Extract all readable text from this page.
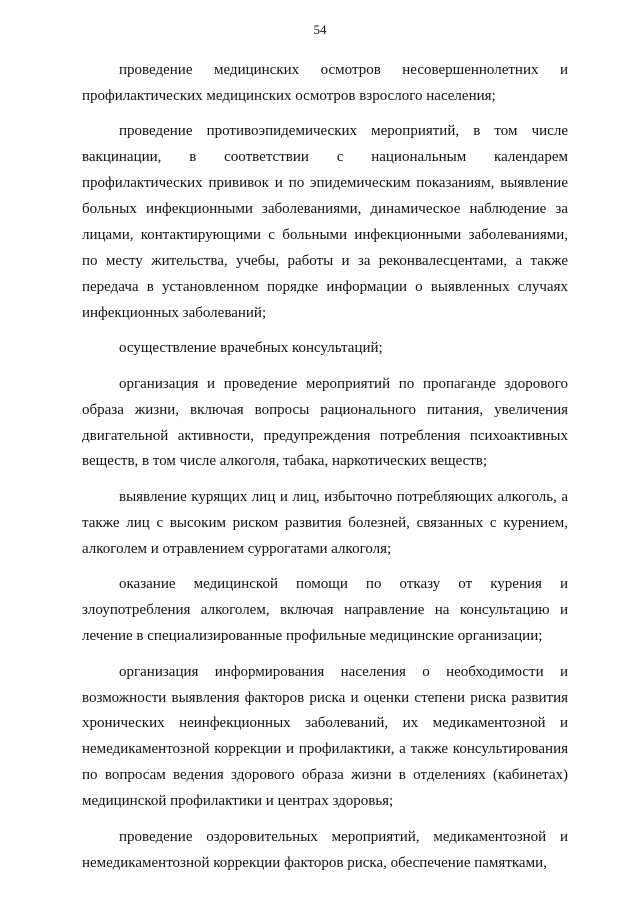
54

проведение медицинских осмотров несовершеннолетних и профилактических медицинских осмотров взрослого населения;

проведение противоэпидемических мероприятий, в том числе вакцинации, в соответствии с национальным календарем профилактических прививок и по эпидемическим показаниям, выявление больных инфекционными заболеваниями, динамическое наблюдение за лицами, контактирующими с больными инфекционными заболеваниями, по месту жительства, учебы, работы и за реконвалесцентами, а также передача в установленном порядке информации о выявленных случаях инфекционных заболеваний;

осуществление врачебных консультаций;

организация и проведение мероприятий по пропаганде здорового образа жизни, включая вопросы рационального питания, увеличения двигательной активности, предупреждения потребления психоактивных веществ, в том числе алкоголя, табака, наркотических веществ;

выявление курящих лиц и лиц, избыточно потребляющих алкоголь, а также лиц с высоким риском развития болезней, связанных с курением, алкоголем и отравлением суррогатами алкоголя;

оказание медицинской помощи по отказу от курения и злоупотребления алкоголем, включая направление на консультацию и лечение в специализированные профильные медицинские организации;

организация информирования населения о необходимости и возможности выявления факторов риска и оценки степени риска развития хронических неинфекционных заболеваний, их медикаментозной и немедикаментозной коррекции и профилактики, а также консультирования по вопросам ведения здорового образа жизни в отделениях (кабинетах) медицинской профилактики и центрах здоровья;

проведение оздоровительных мероприятий, медикаментозной и немедикаментозной коррекции факторов риска, обеспечение памятками,
